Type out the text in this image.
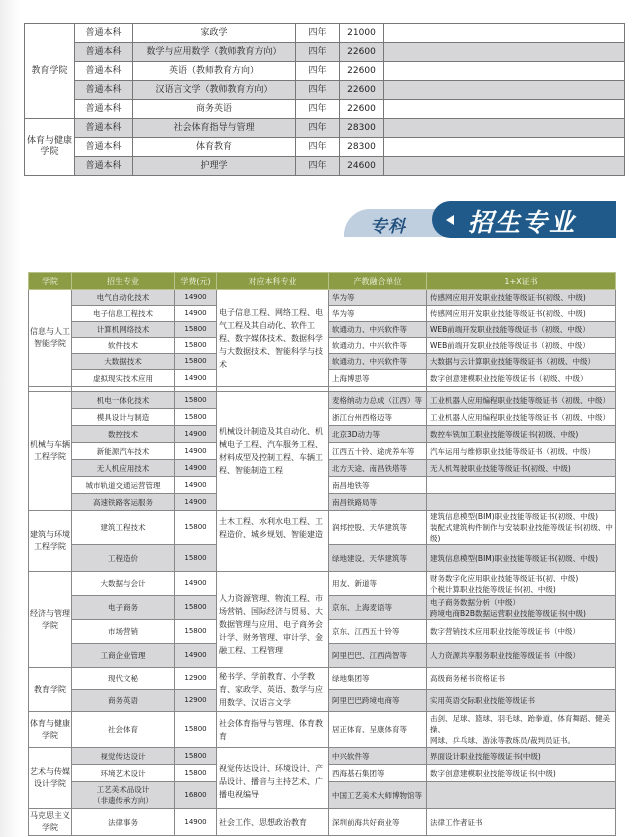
教育学院	普通本科	家政学	四年	21000	
	普通本科	数学与应用数学（教师教育方向）	四年	22600	
	普通本科	英语（教师教育方向）	四年	22600	
	普通本科	汉语言文学（教师教育方向）	四年	22600	
	普通本科	商务英语	四年	22600	
体育与健康学院	普通本科	社会体育指导与管理	四年	28300	
	普通本科	体育教育	四年	28300	
	普通本科	护理学	四年	24600	
专科 招生专业
学院	招生专业	学费(元)	对应本科专业	产教融合单位	1+X证书
信息与人工智能学院	电气自动化技术	14900	电子信息工程、网络工程、电气工程及其自动化、软件工程、数字媒体技术、数据科学与大数据技术、智能科学与技术	华为等	传感网应用开发职业技能等级证书(初级、中级)
	电子信息工程技术	14900		华为等	传感网应用开发职业技能等级证书(初级、中级)
	计算机网络技术	15800		软通动力、中兴软件等	WEB前端开发职业技能等级证书（初级、中级）
	软件技术	15800		软通动力、中兴软件等	WEB前端开发职业技能等级证书（初级、中级）
	大数据技术	15800		软通动力、中兴软件等	大数据与云计算职业技能等级证书（初级、中级）
	虚拟现实技术应用	14900		上海博思等	数字创意建模职业技能等级证书（初级、中级）

机械与车辆工程学院	机电一体化技术	15800	机械设计制造及其自动化、机械电子工程、汽车服务工程、材料成型及控制工程、车辆工程、智能制造工程	麦格纳动力总成（江西）等	工业机器人应用编程职业技能等级证书（初级、中级）
	模具设计与制造	15800		浙江台州西格迈等	工业机器人应用编程职业技能等级证书（初级、中级）
	数控技术	14900		北京3D动力等	数控车铣加工职业技能等级证书(初级、中级)
	新能源汽车技术	14900		江西五十铃、途虎养车等	汽车运用与维修职业技能等级证书（初级、中级）
	无人机应用技术	14900		北方天途、南昌铁塔等	无人机驾驶职业技能等级证书(初级、中级)
	城市轨道交通运营管理	14900		南昌地铁等	
	高速铁路客运服务	14900		南昌铁路局等	
建筑与环境工程学院	建筑工程技术	15800	土木工程、水利水电工程、工程造价、城乡规划、智能建造	润邦控股、天华建筑等	建筑信息模型(BIM)职业技能等级证书(初级、中级)
装配式建筑构件制作与安装职业技能等级证书(初级、中级)

	工程造价	15800		绿地建设、天华建筑等	建筑信息模型(BIM)职业技能等级证书(初级、中级)
经济与管理学院	大数据与会计	14900	人力资源管理、物流工程、市场营销、国际经济与贸易、大数据管理与应用、电子商务会计学、财务管理、审计学、金融工程、工程管理	用友、新道等	财务数字化应用职业技能等级证书(初、中级)
个税计算职业技能等级证书(初、中级)

	电子商务	15800		京东、上海麦语等	电子商务数据分析（中级）
跨境电商B2B数据运营职业技能等级证书(中级)

	市场营销	15800		京东、江西五十铃等	数字营销技术应用职业技能等级证书（中级）
	工商企业管理	14900		阿里巴巴、江西尚智等	人力资源共享服务职业技能等级证书（中级）
教育学院	现代文秘	12900	秘书学、学前教育、小学教育、家政学、英语、数学与应用数学、汉语言文学	绿地集团等	高级商务秘书资格证书
	商务英语	12900		阿里巴巴跨境电商等	实用英语交际职业技能等级证书
体育与健康学院	社会体育	15800	社会体育指导与管理、体育教育	居正体育、呈康体育等	击剑、足球、篮球、羽毛球、跆拳道、体育舞蹈、健美操、
网球、乒乓球、游泳等教练员/裁判员证书。

艺术与传媒设计学院	视觉传达设计	15800	视觉传达设计、环境设计、产品设计、播音与主持艺术、广播电视编导	中兴软件等	界面设计职业技能等级证书(中级)
	环境艺术设计	15800		西海基石集团等	数字创意建模职业技能等级证书(中级)

	工艺美术品设计
（非遗传承方向）	16800		中国工艺美术大师博物馆等	
马克思主义学院	法律事务	14900	社会工作、思想政治教育	深圳前海共好商业等	法律工作者证书
